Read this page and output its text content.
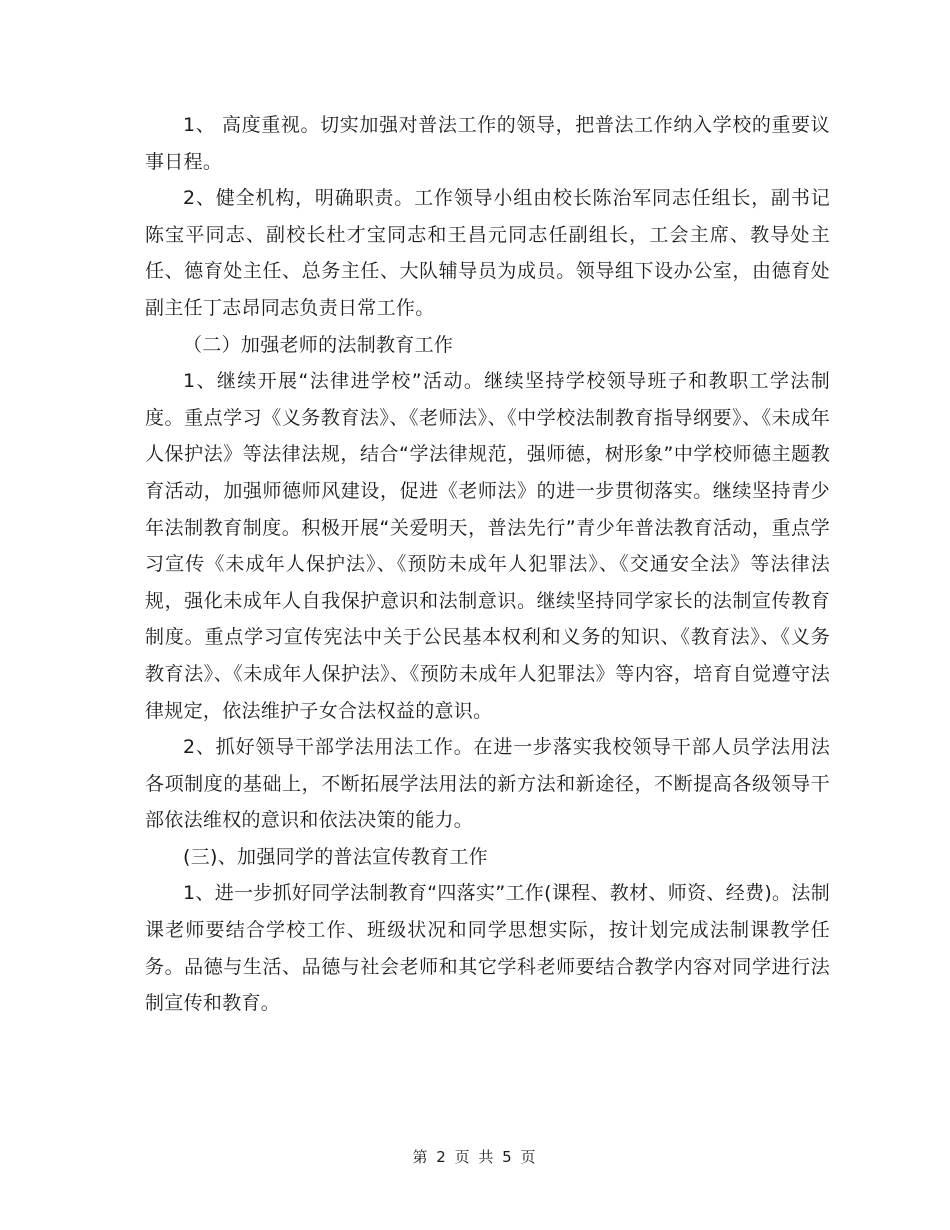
1、 高度重视。切实加强对普法工作的领导，把普法工作纳入学校的重要议事日程。

2、健全机构，明确职责。工作领导小组由校长陈治军同志任组长，副书记陈宝平同志、副校长杜才宝同志和王昌元同志任副组长，工会主席、教导处主任、德育处主任、总务主任、大队辅导员为成员。领导组下设办公室，由德育处副主任丁志昂同志负责日常工作。

（二）加强老师的法制教育工作

1、继续开展“法律进学校”活动。继续坚持学校领导班子和教职工学法制度。重点学习《义务教育法》、《老师法》、《中学校法制教育指导纲要》、《未成年人保护法》等法律法规，结合“学法律规范，强师德，树形象”中学校师德主题教育活动，加强师德师风建设，促进《老师法》的进一步贯彻落实。继续坚持青少年法制教育制度。积极开展“关爱明天，普法先行”青少年普法教育活动，重点学习宣传《未成年人保护法》、《预防未成年人犯罪法》、《交通安全法》等法律法规，强化未成年人自我保护意识和法制意识。继续坚持同学家长的法制宣传教育制度。重点学习宣传宪法中关于公民基本权利和义务的知识、《教育法》、《义务教育法》、《未成年人保护法》、《预防未成年人犯罪法》等内容，培育自觉遵守法律规定，依法维护子女合法权益的意识。

2、抓好领导干部学法用法工作。在进一步落实我校领导干部人员学法用法各项制度的基础上，不断拓展学法用法的新方法和新途径，不断提高各级领导干部依法维权的意识和依法决策的能力。

(三)、加强同学的普法宣传教育工作

1、进一步抓好同学法制教育“四落实”工作(课程、教材、师资、经费)。法制课老师要结合学校工作、班级状况和同学思想实际，按计划完成法制课教学任务。品德与生活、品德与社会老师和其它学科老师要结合教学内容对同学进行法制宣传和教育。

第 2 页 共 5 页
